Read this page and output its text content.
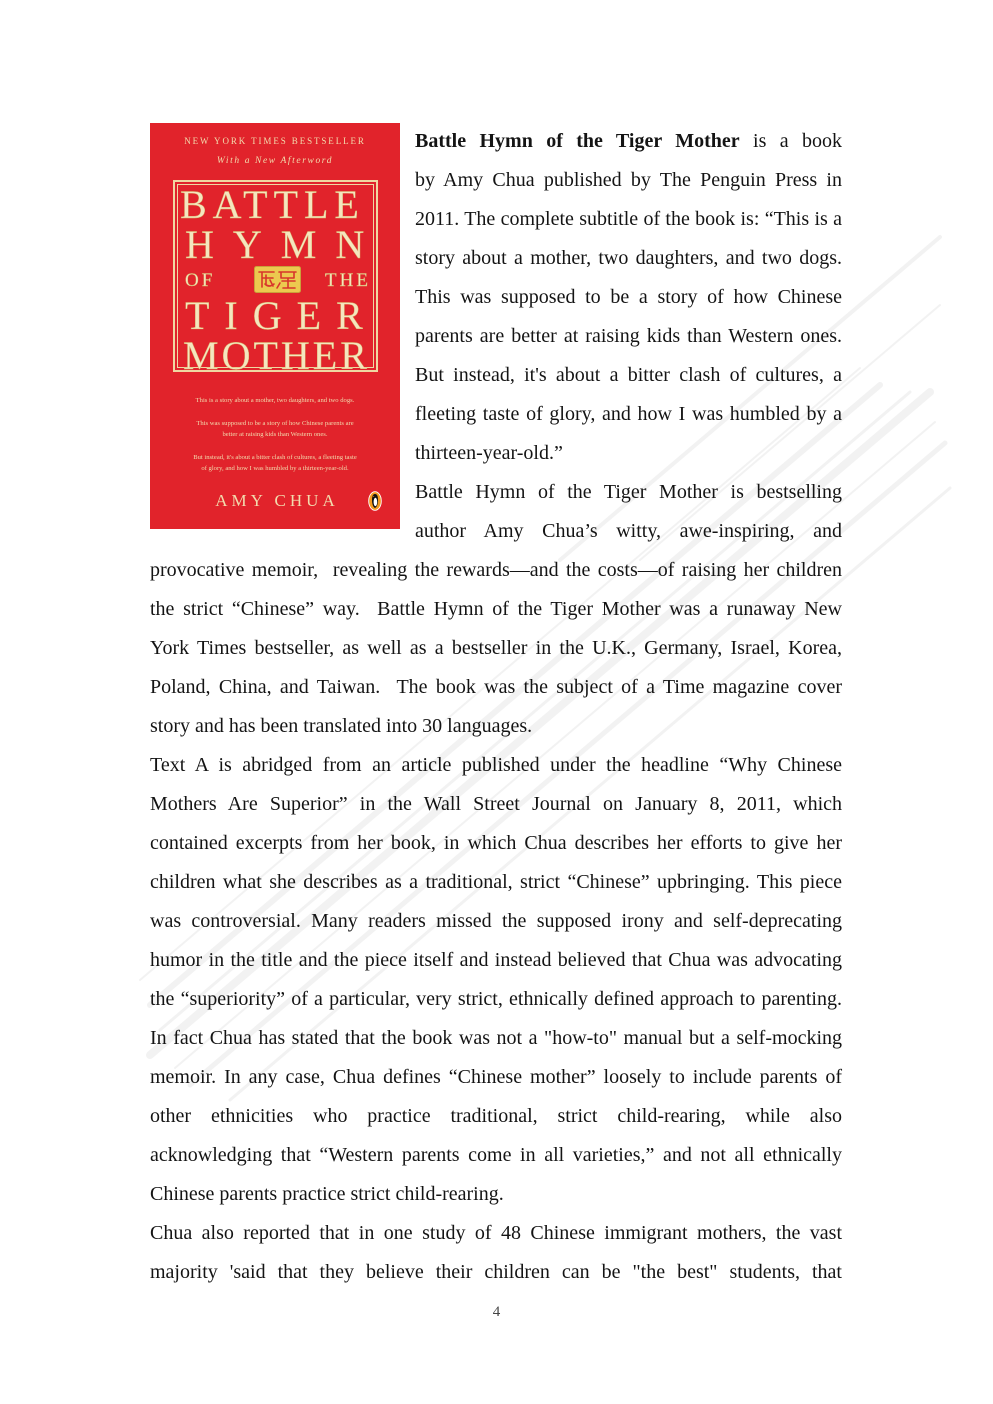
NEW YORK TIMES BESTSELLER
With a New Afterword
BATTLE
HYMN
OF	THE
TIGER
MOTHER
This is a story about a mother, two daughters, and two dogs.
This was supposed to be a story of how Chinese parents are
better at raising kids than Western ones.
But instead, it's about a bitter clash of cultures, a fleeting taste
of glory, and how I was humbled by a thirteen-year-old.
AMY CHUA
Battle Hymn of the Tiger Mother is a book
by Amy Chua published by The Penguin Press in
2011. The complete subtitle of the book is: “This is a
story about a mother, two daughters, and two dogs.
This was supposed to be a story of how Chinese
parents are better at raising kids than Western ones.
But instead, it's about a bitter clash of cultures, a
fleeting taste of glory, and how I was humbled by a
thirteen-year-old.”
Battle Hymn of the Tiger Mother is bestselling
author Amy Chua’s witty, awe-inspiring, and
provocative memoir,  revealing the rewards—and the costs—of raising her children
the strict “Chinese” way.  Battle Hymn of the Tiger Mother was a runaway New
York Times bestseller, as well as a bestseller in the U.K., Germany, Israel, Korea,
Poland, China, and Taiwan.  The book was the subject of a Time magazine cover
story and has been translated into 30 languages.
Text A is abridged from an article published under the headline “Why Chinese
Mothers Are Superior” in the Wall Street Journal on January 8, 2011, which
contained excerpts from her book, in which Chua describes her efforts to give her
children what she describes as a traditional, strict “Chinese” upbringing. This piece
was controversial. Many readers missed the supposed irony and self-deprecating
humor in the title and the piece itself and instead believed that Chua was advocating
the “superiority” of a particular, very strict, ethnically defined approach to parenting.
In fact Chua has stated that the book was not a "how-to" manual but a self-mocking
memoir. In any case, Chua defines “Chinese mother” loosely to include parents of
other ethnicities who practice traditional, strict child-rearing, while also
acknowledging that “Western parents come in all varieties,” and not all ethnically
Chinese parents practice strict child-rearing.
Chua also reported that in one study of 48 Chinese immigrant mothers, the vast
majority 'said that they believe their children can be "the best" students, that
4
